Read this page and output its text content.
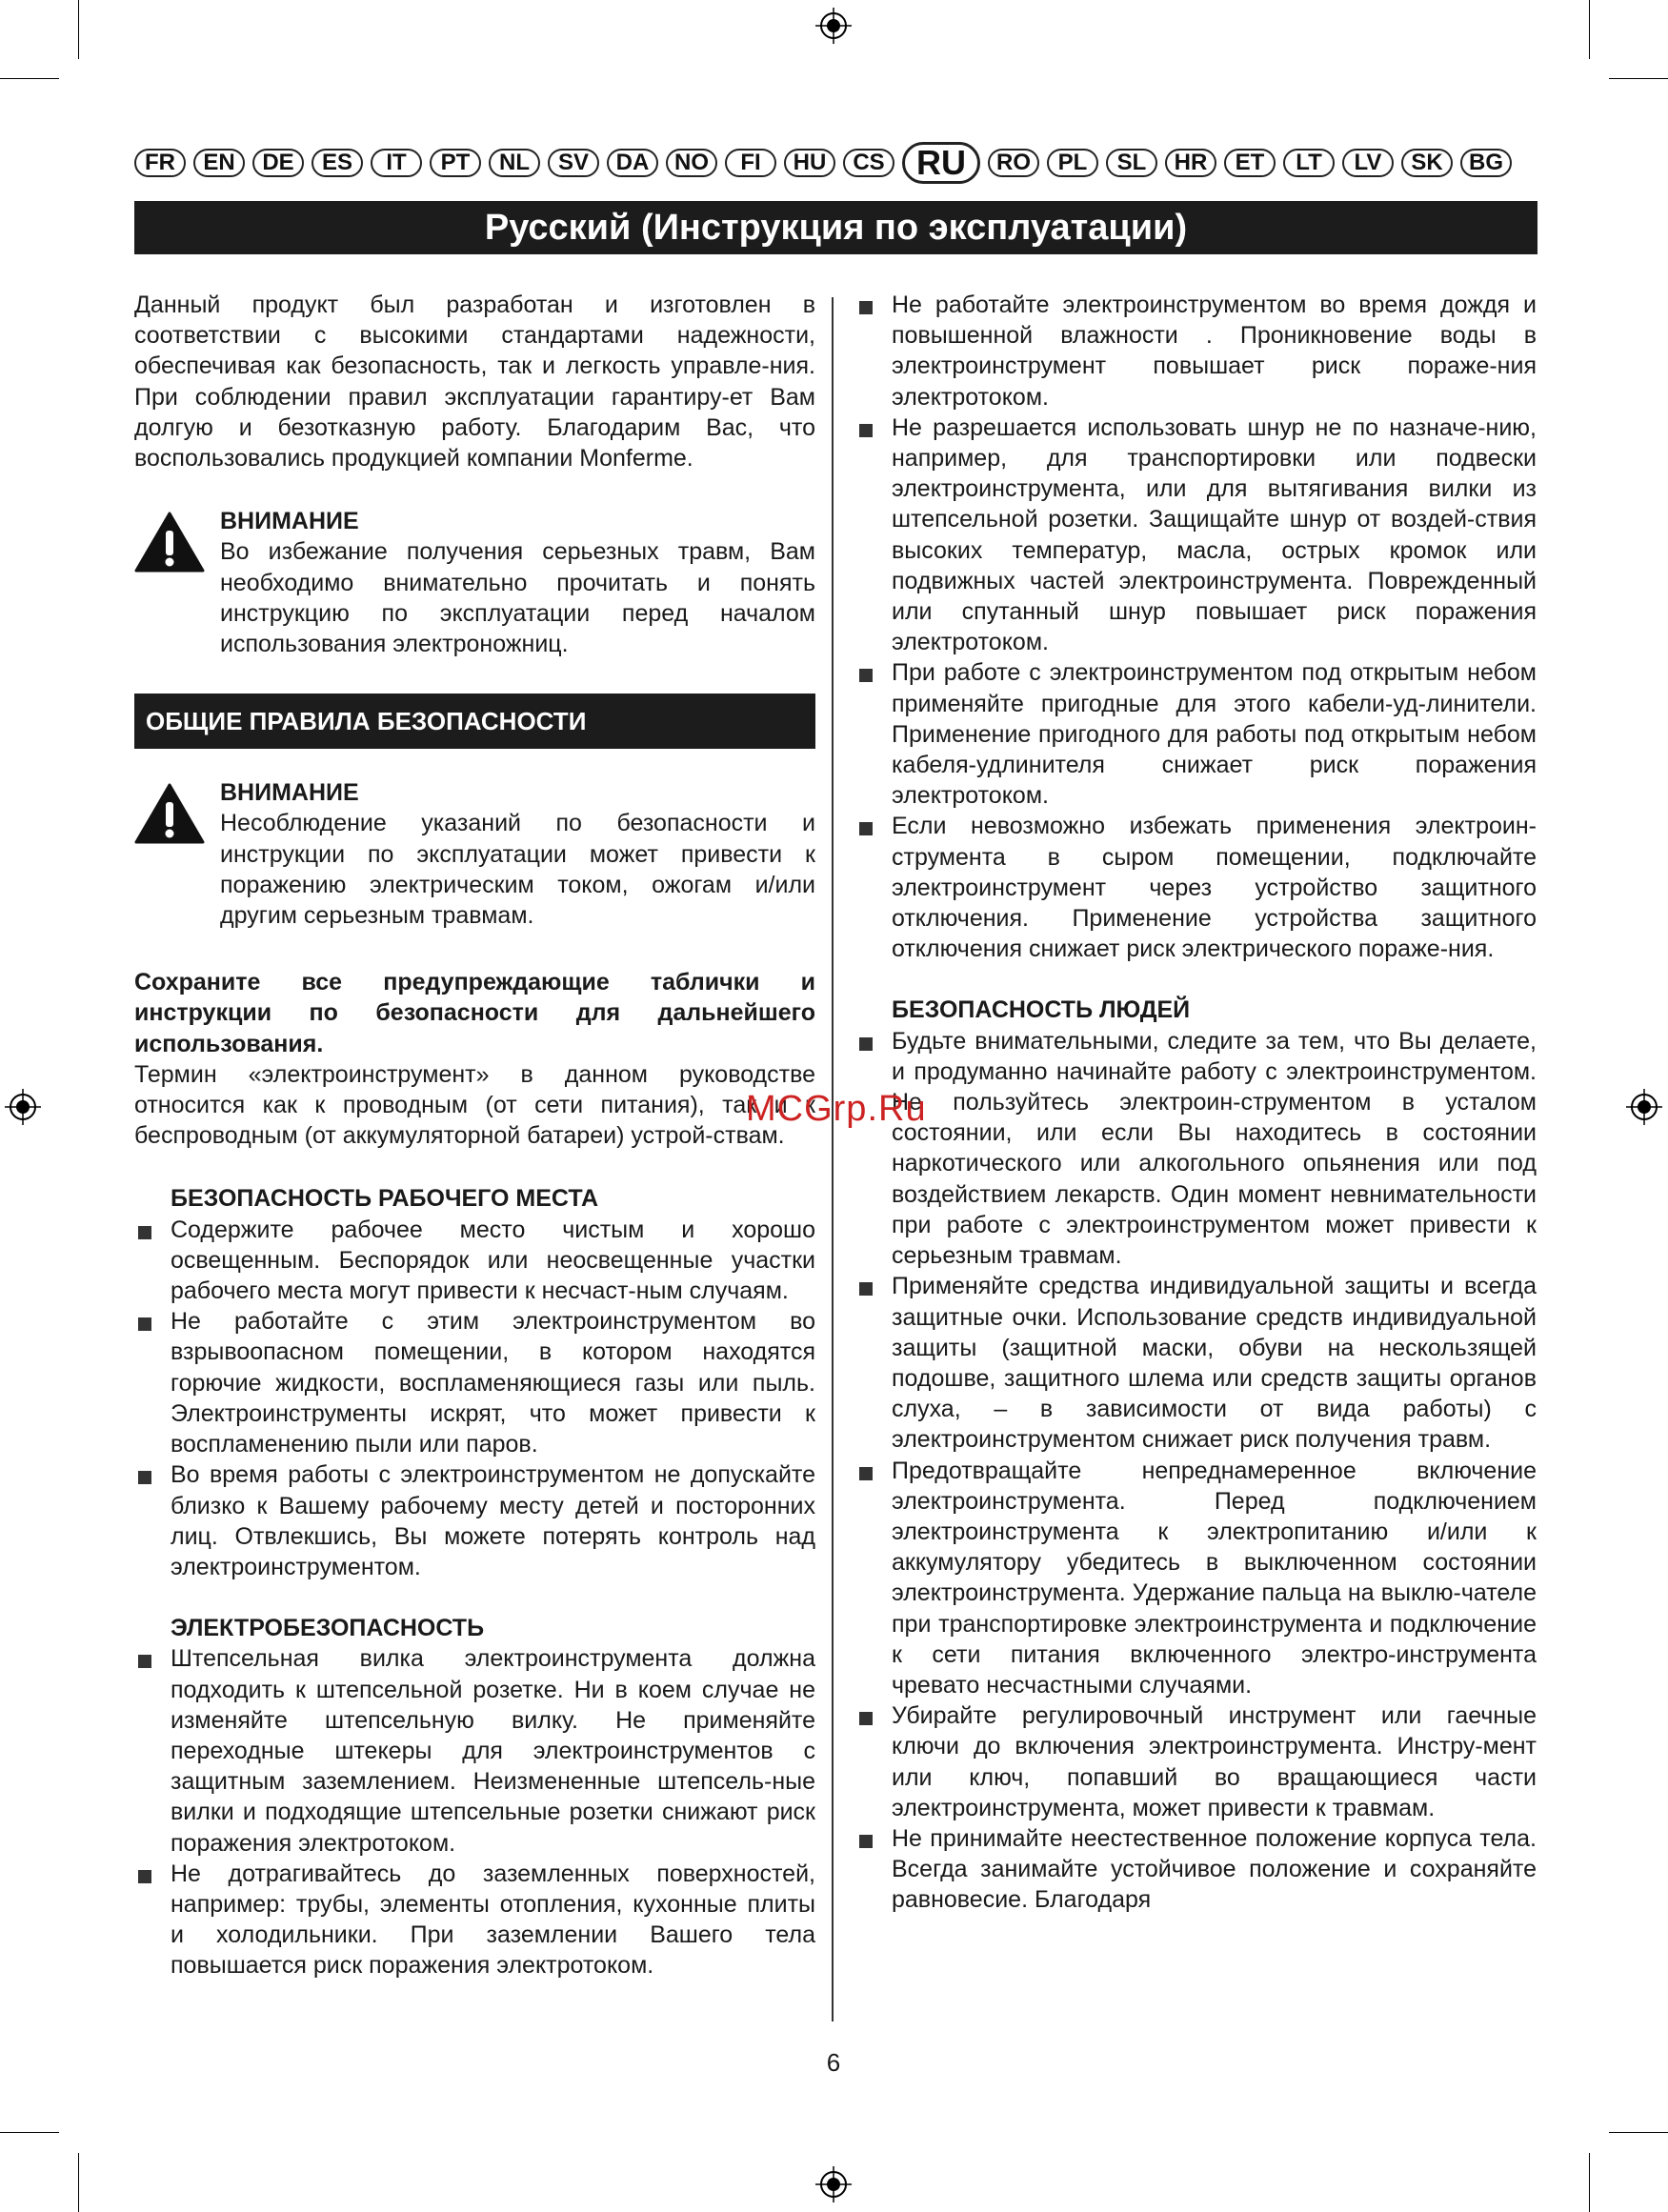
FR	EN	DE	ES	IT	PT	NL	SV	DA	NO	FI	HU	CS RU	RO	PL	SL	HR	ET	LT	LV	SK	BG
Русский (Инструкция по эксплуатации)

Данный продукт был разработан и изготовлен в соответствии с высокими стандартами надежности, обеспечивая как безопасность, так и легкость управле-ния. При соблюдении правил эксплуатации гарантиру-ет Вам долгую и безотказную работу. Благодарим Вас, что воспользовались продукцией компании Monferme.

ВНИМАНИЕ

Во избежание получения серьезных травм, Вам необходимо внимательно прочитать и понять инструкцию по эксплуатации перед началом использования электроножниц.

ОБЩИЕ ПРАВИЛА БЕЗОПАСНОСТИ
ВНИМАНИЕ

Несоблюдение указаний по безопасности и инструкции по эксплуатации может привести к поражению электрическим током, ожогам и/или другим серьезным травмам.

Сохраните все предупреждающие таблички и инструкции по безопасности для дальнейшего использования.

Термин «электроинструмент» в данном руководстве относится как к проводным (от сети питания), так и к беспроводным (от аккумуляторной батареи) устрой-ствам.

БЕЗОПАСНОСТЬ РАБОЧЕГО МЕСТА
Содержите рабочее место чистым и хорошо освещенным. Беспорядок или неосвещенные участки рабочего места могут привести к несчаст-ным случаям.
Не работайте с этим электроинструментом во взрывоопасном помещении, в котором находятся горючие жидкости, воспламеняющиеся газы или пыль. Электроинструменты искрят, что может привести к воспламенению пыли или паров.
Во время работы с электроинструментом не допускайте близко к Вашему рабочему месту детей и посторонних лиц. Отвлекшись, Вы можете потерять контроль над электроинструментом.
ЭЛЕКТРОБЕЗОПАСНОСТЬ
Штепсельная вилка электроинструмента должна подходить к штепсельной розетке. Ни в коем случае не изменяйте штепсельную вилку. Не применяйте переходные штекеры для электроинструментов с защитным заземлением. Неизмененные штепсель-ные вилки и подходящие штепсельные розетки снижают риск поражения электротоком.
Не дотрагивайтесь до заземленных поверхностей, например: трубы, элементы отопления, кухонные плиты и холодильники. При заземлении Вашего тела повышается риск поражения электротоком.
Не работайте электроинструментом во время дождя и повышенной влажности . Проникновение воды в электроинструмент повышает риск пораже-ния электротоком.
Не разрешается использовать шнур не по назначе-нию, например, для транспортировки или подвески электроинструмента, или для вытягивания вилки из штепсельной розетки. Защищайте шнур от воздей-ствия высоких температур, масла, острых кромок или подвижных частей электроинструмента. Поврежденный или спутанный шнур повышает риск поражения электротоком.
При работе с электроинструментом под открытым небом применяйте пригодные для этого кабели-уд-линители. Применение пригодного для работы под открытым небом кабеля-удлинителя снижает риск поражения электротоком.
Если невозможно избежать применения электроин-струмента в сыром помещении, подключайте электроинструмент через устройство защитного отключения. Применение устройства защитного отключения снижает риск электрического пораже-ния.
БЕЗОПАСНОСТЬ ЛЮДЕЙ
Будьте внимательными, следите за тем, что Вы делаете, и продуманно начинайте работу с электроинструментом. Не пользуйтесь электроин-струментом в усталом состоянии, или если Вы находитесь в состоянии наркотического или алкогольного опьянения или под воздействием лекарств. Один момент невнимательности при работе с электроинструментом может привести к серьезным травмам.
Применяйте средства индивидуальной защиты и всегда защитные очки. Использование средств индивидуальной защиты (защитной маски, обуви на нескользящей подошве, защитного шлема или средств защиты органов слуха, – в зависимости от вида работы) с электроинструментом снижает риск получения травм.
Предотвращайте непреднамеренное включение электроинструмента. Перед подключением электроинструмента к электропитанию и/или к аккумулятору убедитесь в выключенном состоянии электроинструмента. Удержание пальца на выклю-чателе при транспортировке электроинструмента и подключение к сети питания включенного электро-инструмента чревато несчастными случаями.
Убирайте регулировочный инструмент или гаечные ключи до включения электроинструмента. Инстру-мент или ключ, попавший во вращающиеся части электроинструмента, может привести к травмам.
Не принимайте неестественное положение корпуса тела. Всегда занимайте устойчивое положение и сохраняйте равновесие. Благодаря
MCGrp.Ru
6
